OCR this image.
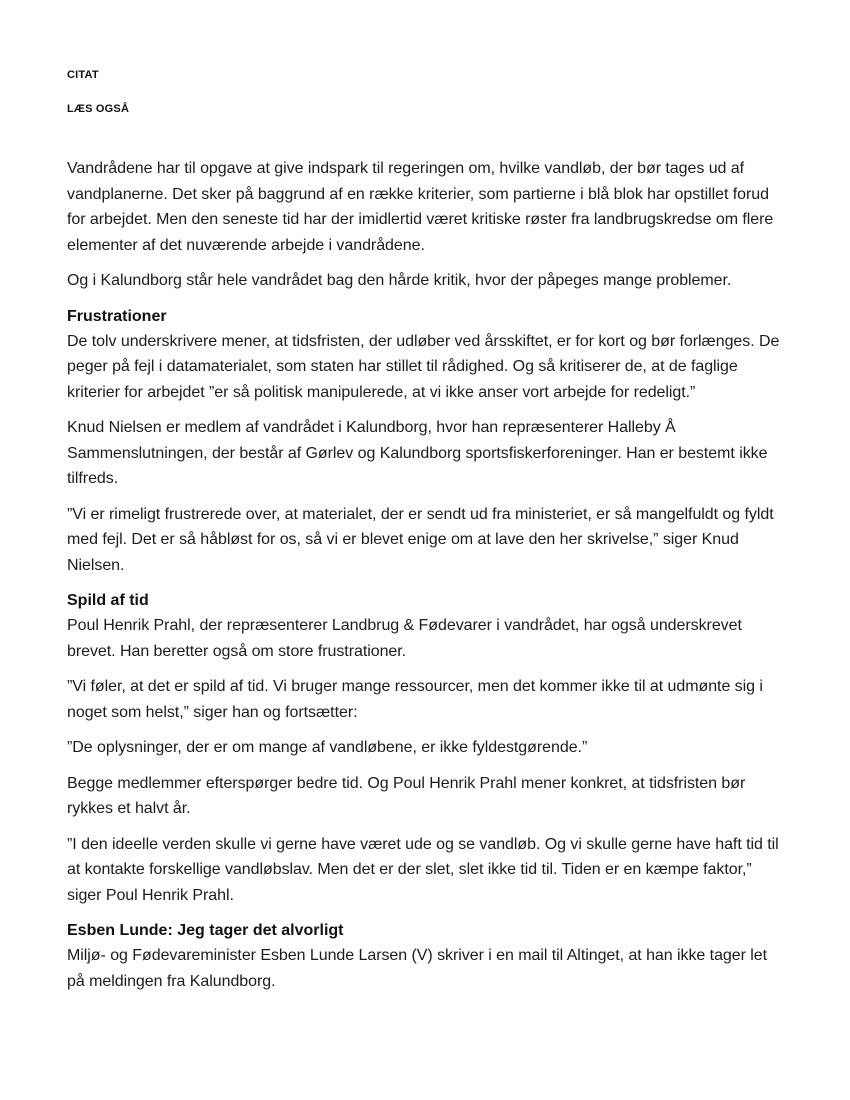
CITAT
LÆS OGSÅ

Vandrådene har til opgave at give indspark til regeringen om, hvilke vandløb, der bør tages ud af vandplanerne. Det sker på baggrund af en række kriterier, som partierne i blå blok har opstillet forud for arbejdet. Men den seneste tid har der imidlertid været kritiske røster fra landbrugskredse om flere elementer af det nuværende arbejde i vandrådene.

Og i Kalundborg står hele vandrådet bag den hårde kritik, hvor der påpeges mange problemer.

Frustrationer

De tolv underskrivere mener, at tidsfristen, der udløber ved årsskiftet, er for kort og bør forlænges. De peger på fejl i datamaterialet, som staten har stillet til rådighed. Og så kritiserer de, at de faglige kriterier for arbejdet ”er så politisk manipulerede, at vi ikke anser vort arbejde for redeligt.”

Knud Nielsen er medlem af vandrådet i Kalundborg, hvor han repræsenterer Halleby Å Sammenslutningen, der består af Gørlev og Kalundborg sportsfiskerforeninger. Han er bestemt ikke tilfreds.

”Vi er rimeligt frustrerede over, at materialet, der er sendt ud fra ministeriet, er så mangelfuldt og fyldt med fejl. Det er så håbløst for os, så vi er blevet enige om at lave den her skrivelse,” siger Knud Nielsen.

Spild af tid

Poul Henrik Prahl, der repræsenterer Landbrug & Fødevarer i vandrådet, har også underskrevet brevet. Han beretter også om store frustrationer.

”Vi føler, at det er spild af tid. Vi bruger mange ressourcer, men det kommer ikke til at udmønte sig i noget som helst,” siger han og fortsætter:

”De oplysninger, der er om mange af vandløbene, er ikke fyldestgørende.”

Begge medlemmer efterspørger bedre tid. Og Poul Henrik Prahl mener konkret, at tidsfristen bør rykkes et halvt år.

”I den ideelle verden skulle vi gerne have været ude og se vandløb. Og vi skulle gerne have haft tid til at kontakte forskellige vandløbslav. Men det er der slet, slet ikke tid til. Tiden er en kæmpe faktor,” siger Poul Henrik Prahl.

Esben Lunde: Jeg tager det alvorligt

Miljø- og Fødevareminister Esben Lunde Larsen (V) skriver i en mail til Altinget, at han ikke tager let på meldingen fra Kalundborg.
